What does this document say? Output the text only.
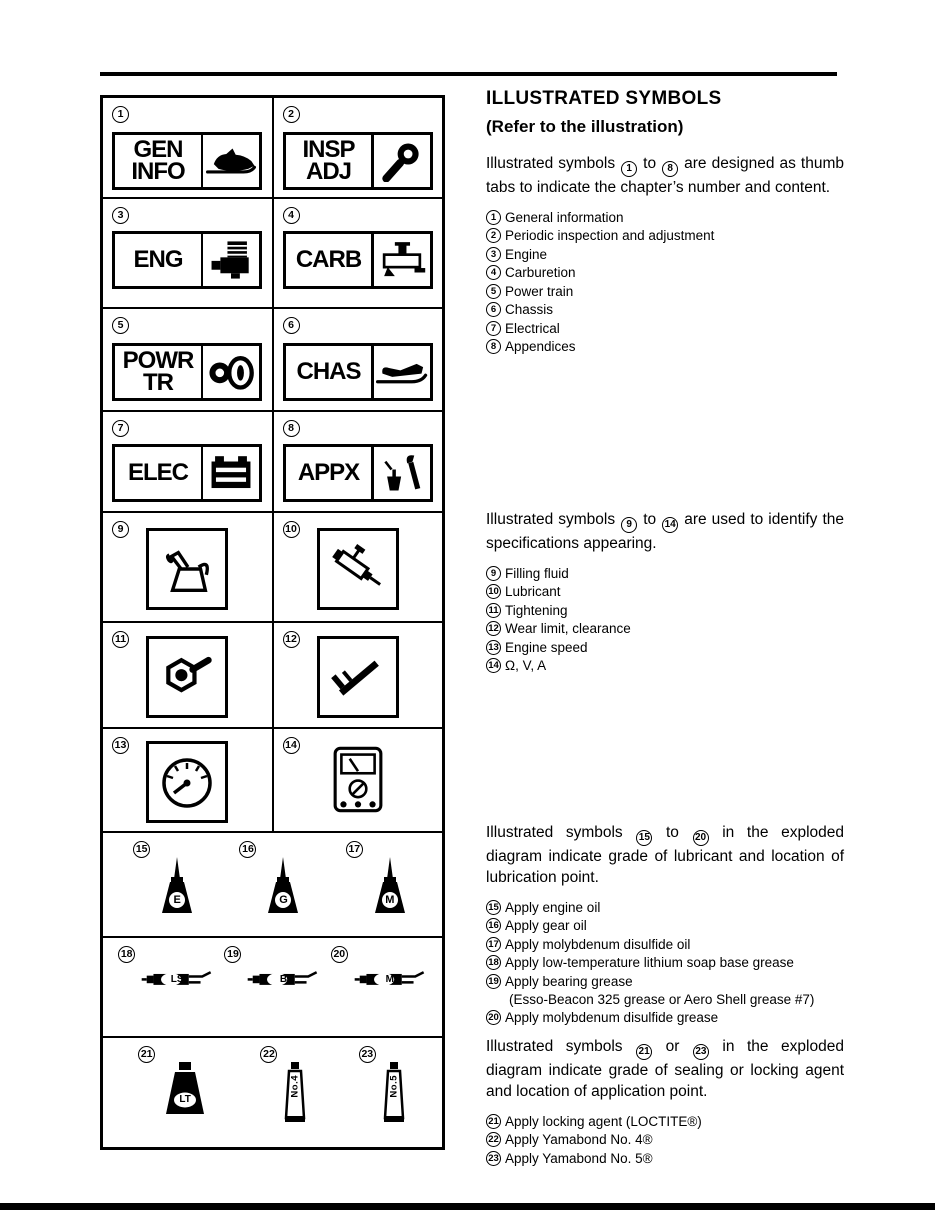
1
GEN
INFO
2
INSP
ADJ
3
ENG
4
CARB
5
POWR
TR
6
CHAS
7
ELEC
8
APPX
9	10
11	12
13	14
15
E
16
G
17
M
18
LS
19
B
20
M
21
LT
22
No.4
23
No.5
ILLUSTRATED SYMBOLS
(Refer to the illustration)

Illustrated symbols 1 to 8 are designed as thumb tabs to indicate the chapter’s number and content.

1 General information
2 Periodic inspection and adjustment
3 Engine
4 Carburetion
5 Power train
6 Chassis
7 Electrical
8 Appendices

Illustrated symbols 9 to 14 are used to identify the specifications appearing.

9 Filling fluid
10 Lubricant
11 Tightening
12 Wear limit, clearance
13 Engine speed
14 Ω, V, A

Illustrated symbols 15 to 20 in the exploded diagram indicate grade of lubricant and location of lubrication point.

15 Apply engine oil
16 Apply gear oil
17 Apply molybdenum disulfide oil
18 Apply low-temperature lithium soap base grease
19 Apply bearing grease
(Esso-Beacon 325 grease or Aero Shell grease #7)
20 Apply molybdenum disulfide grease

Illustrated symbols 21 or 23 in the exploded diagram indicate grade of sealing or locking agent and location of application point.

21 Apply locking agent (LOCTITE®)
22 Apply Yamabond No. 4®
23 Apply Yamabond No. 5®
